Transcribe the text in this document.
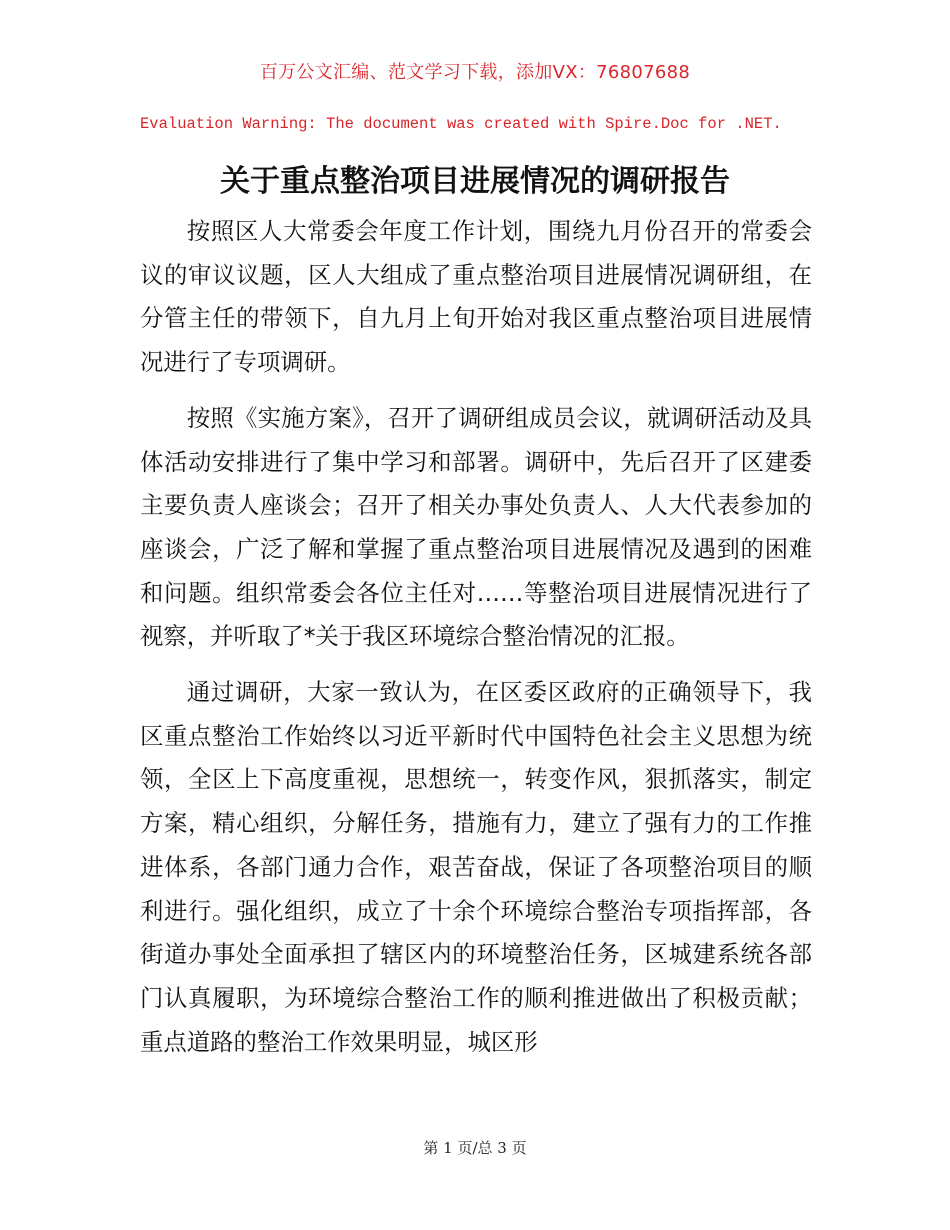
百万公文汇编、范文学习下载，添加VX：76807688
Evaluation Warning: The document was created with Spire.Doc for .NET.
关于重点整治项目进展情况的调研报告

按照区人大常委会年度工作计划，围绕九月份召开的常委会议的审议议题，区人大组成了重点整治项目进展情况调研组，在分管主任的带领下，自九月上旬开始对我区重点整治项目进展情况进行了专项调研。

按照《实施方案》，召开了调研组成员会议，就调研活动及具体活动安排进行了集中学习和部署。调研中，先后召开了区建委主要负责人座谈会；召开了相关办事处负责人、人大代表参加的座谈会，广泛了解和掌握了重点整治项目进展情况及遇到的困难和问题。组织常委会各位主任对……等整治项目进展情况进行了视察，并听取了*关于我区环境综合整治情况的汇报。

通过调研，大家一致认为，在区委区政府的正确领导下，我区重点整治工作始终以习近平新时代中国特色社会主义思想为统领，全区上下高度重视，思想统一，转变作风，狠抓落实，制定方案，精心组织，分解任务，措施有力，建立了强有力的工作推进体系，各部门通力合作，艰苦奋战，保证了各项整治项目的顺利进行。强化组织，成立了十余个环境综合整治专项指挥部，各街道办事处全面承担了辖区内的环境整治任务，区城建系统各部门认真履职，为环境综合整治工作的顺利推进做出了积极贡献；重点道路的整治工作效果明显，城区形

第 1 页/总 3 页
